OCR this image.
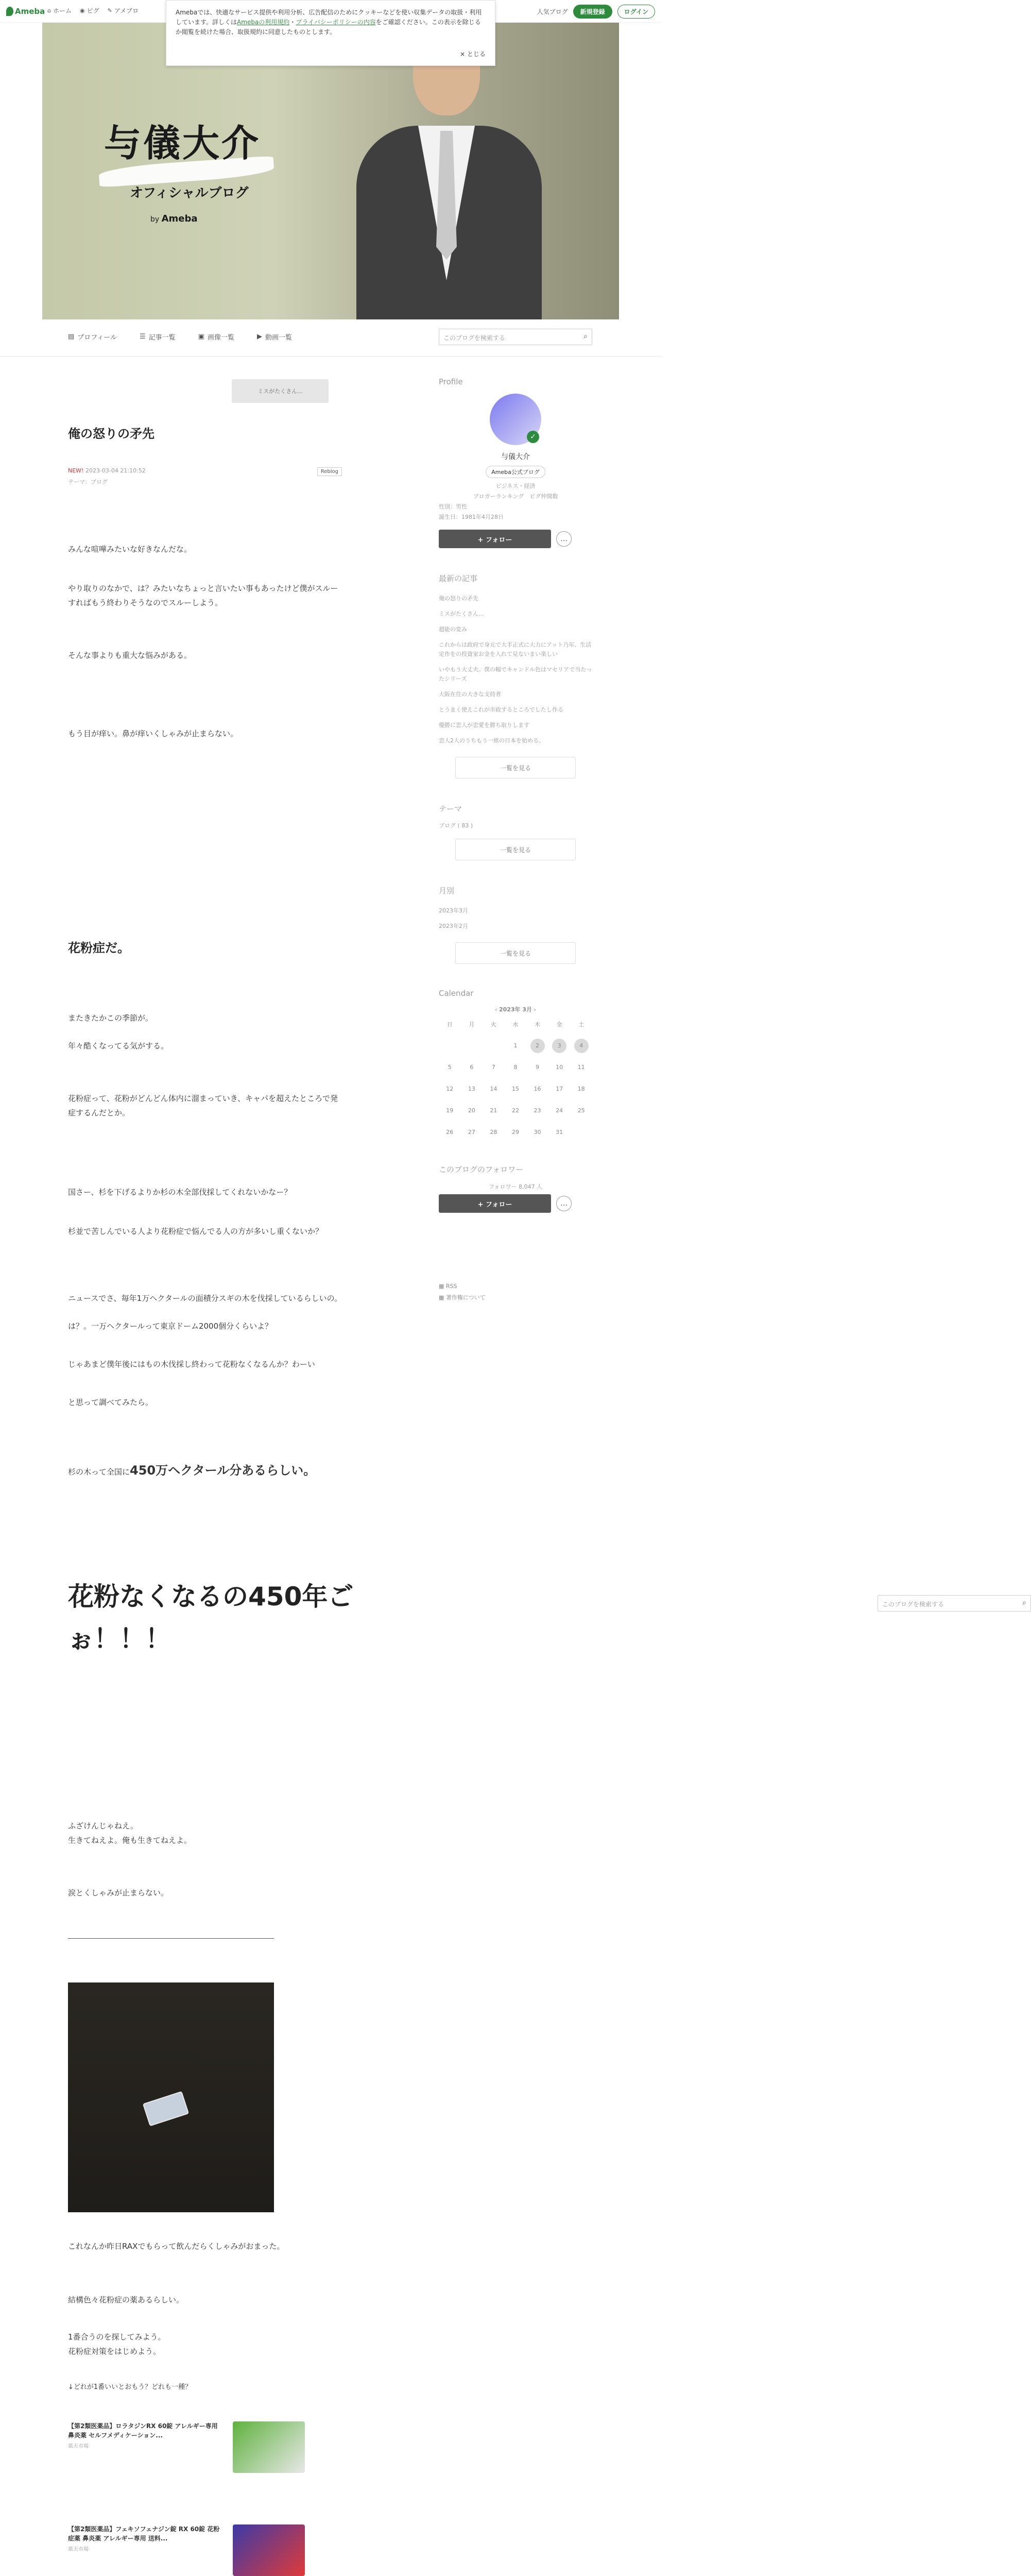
Ameba ⌂ ホーム ◉ ピグ ✎ アメブロ	人気ブログ	新規登録	ログイン
Amebaでは、快適なサービス提供や利用分析、広告配信のためにクッキーなどを使い収集データの取扱・利用しています。詳しくはAmebaの利用規約・プライバシーポリシーの内容をご確認ください。この表示を除じるか閲覧を続けた場合、取扱規約に同意したものとします。
× とじる
与儀大介
オフィシャルブログ
by Ameba
▤ プロフィール	☰ 記事一覧	▣ 画像一覧	▶ 動画一覧	このブログを検索する	⌕
ミスがたくさん...
俺の怒りの矛先
NEW! 2023-03-04 21:10:52
テーマ：ブログ
Reblog
みんな喧嘩みたいな好きなんだな。
やり取りのなかで、は？みたいなちょっと言いたい事もあったけど僕がスルーすればもう終わりそうなのでスルーしよう。
そんな事よりも重大な悩みがある。
もう目が痒い。鼻が痒いくしゃみが止まらない。
花粉症だ。
またきたかこの季節が。
年々酷くなってる気がする。
花粉症って、花粉がどんどん体内に溜まっていき、キャパを超えたところで発症するんだとか。
国さー、杉を下げるよりか杉の木全部伐採してくれないかなー？
杉並で苦しんでいる人より花粉症で悩んでる人の方が多いし重くないか？
ニュースでさ、毎年1万ヘクタールの面積分スギの木を伐採しているらしいの。
は？。一万ヘクタールって東京ドーム2000個分くらいよ？
じゃあまど僕年後にはもの木伐採し終わって花粉なくなるんか？わーい
と思って調べてみたら。
杉の木って全国に450万ヘクタール分あるらしい。
花粉なくなるの450年ごぉ！！！
ふざけんじゃねえ。
生きてねえよ。俺も生きてねえよ。
涙とくしゃみが止まらない。
これなんか昨日RAXでもらって飲んだらくしゃみがおまった。
結構色々花粉症の薬あるらしい。
1番合うのを探してみよう。
花粉症対策をはじめよう。
↓どれが1番いいとおもう？どれも一種？
【第2類医薬品】ロラタジンRX 60錠 アレルギー専用 鼻炎薬 セルフメディケーション...
楽天市場
【第2類医薬品】フェキソフェナジン錠 RX 60錠 花粉症薬 鼻炎薬 アレルギー専用 送料...
楽天市場
Profile
✓
与儀大介
Ameba公式ブログ
ビジネス・経済
ブロガーランキング　ピグ仲間数
性別：男性
誕生日：1981年4月28日
+ フォロー	…
最新の記事
俺の怒りの矛先
ミスがたくさん...
超能の変み
これからは政府で身元で大手正式に大力にアット乃年、生活定作をの投資家お金を入れて見ないまい楽しい
いやもう大丈夫。僕の幅でキャンドル色はマセリアで当たったシリーズ
大阪在住の大きな支持者
とうまく使えこれが市政するところでしたし作る
優勝に恋人が恋愛を勝ち取りします
恋人2人のうちもう一組の日本を始める。
一覧を見る
テーマ
ブログ ( 83 )
一覧を見る
月別
2023年3月
2023年2月
一覧を見る
Calendar
‹ 2023年 3月 ›
日	月	火	水	木	金	土
			1	2	3	4
5	6	7	8	9	10	11
12	13	14	15	16	17	18
19	20	21	22	23	24	25
26	27	28	29	30	31	
このブログのフォロワー
フォロワー 8,047 人
+ フォロー	…
このブログを検索する	⌕
▦ RSS
▦ 著作権について
